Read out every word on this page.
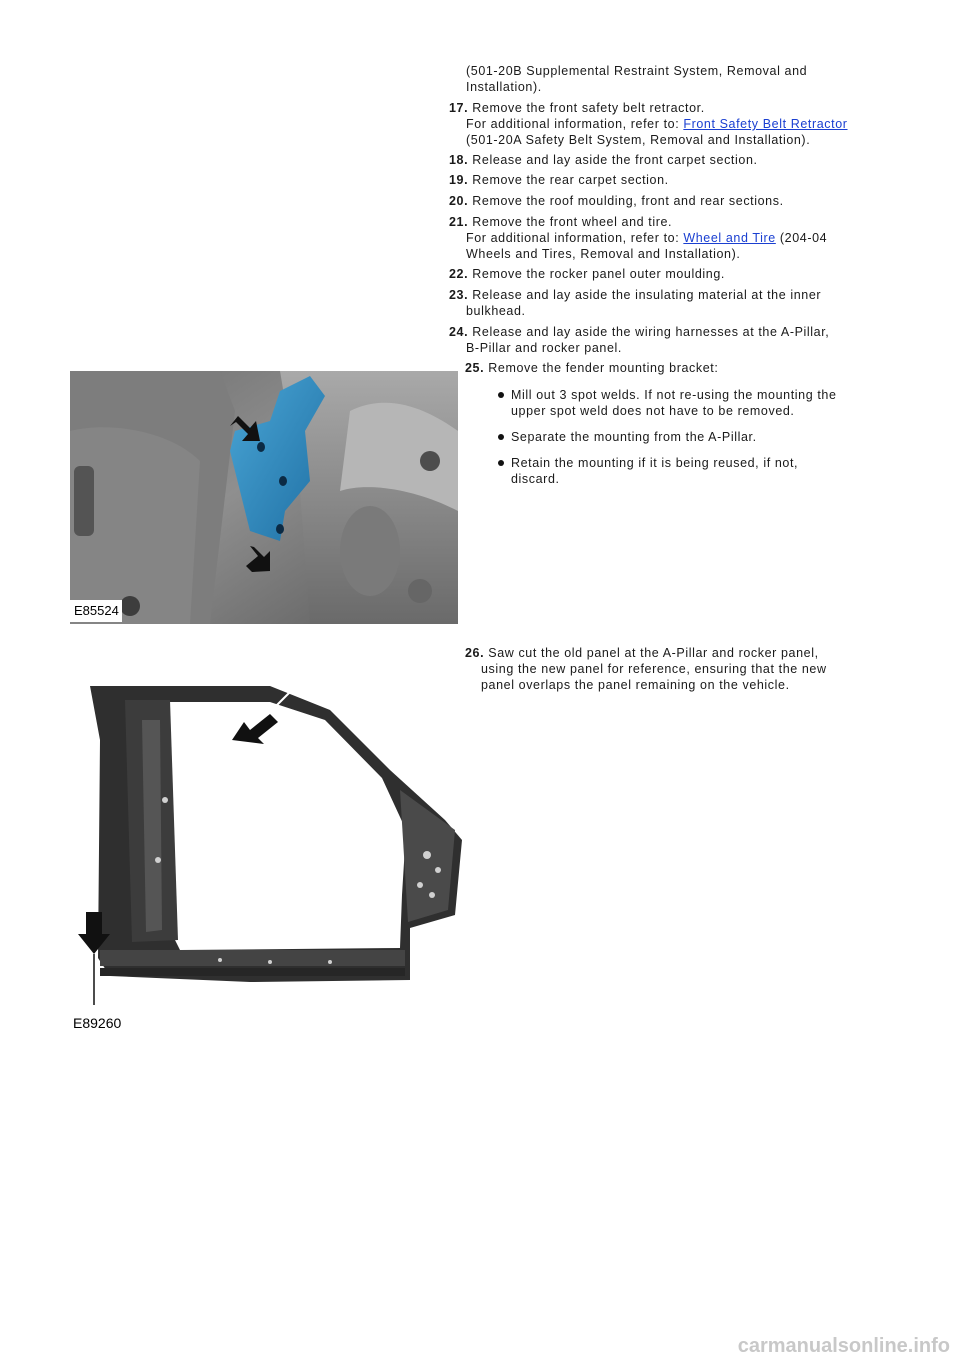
(501-20B Supplemental Restraint System, Removal and
Installation).
17. Remove the front safety belt retractor.
For additional information, refer to: Front Safety Belt Retractor
(501-20A Safety Belt System, Removal and Installation).
18. Release and lay aside the front carpet section.
19. Remove the rear carpet section.
20. Remove the roof moulding, front and rear sections.
21. Remove the front wheel and tire.
For additional information, refer to: Wheel and Tire (204-04
Wheels and Tires, Removal and Installation).
22. Remove the rocker panel outer moulding.
23. Release and lay aside the insulating material at the inner
bulkhead.
24. Release and lay aside the wiring harnesses at the A-Pillar,
B-Pillar and rocker panel.
25. Remove the fender mounting bracket:
Mill out 3 spot welds. If not re-using the mounting the
upper spot weld does not have to be removed.
Separate the mounting from the A-Pillar.
Retain the mounting if it is being reused, if not,
discard.
E85524
26. Saw cut the old panel at the A-Pillar and rocker panel,
using the new panel for reference, ensuring that the new
panel overlaps the panel remaining on the vehicle.
E89260
carmanualsonline.info
